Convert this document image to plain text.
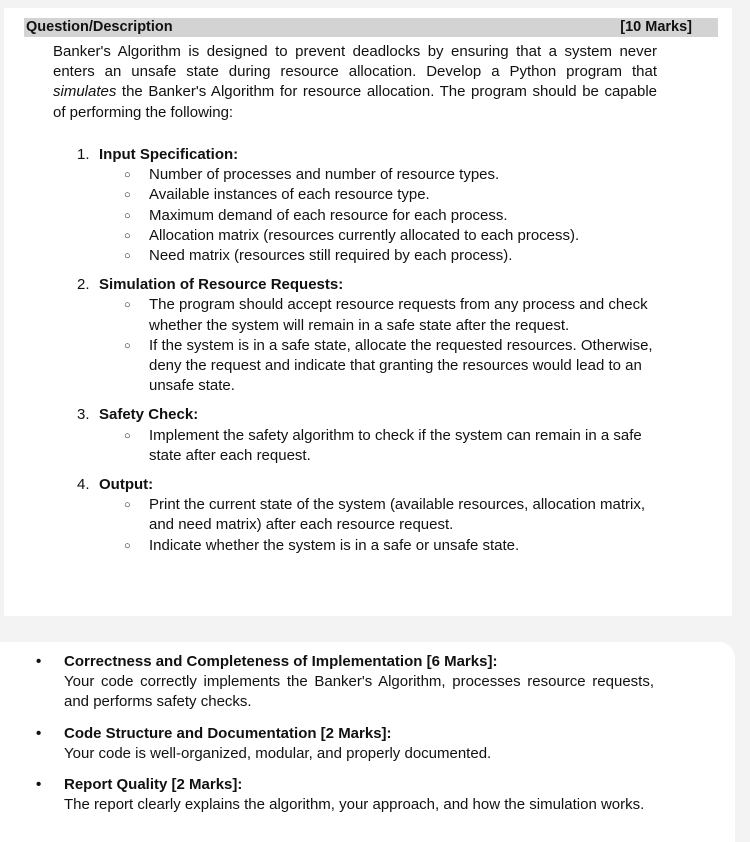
Question/Description	[10 Marks]
Banker's Algorithm is designed to prevent deadlocks by ensuring that a system never enters an unsafe state during resource allocation. Develop a Python program that simulates the Banker's Algorithm for resource allocation. The program should be capable of performing the following:
1. Input Specification:
○ Number of processes and number of resource types.
○ Available instances of each resource type.
○ Maximum demand of each resource for each process.
○ Allocation matrix (resources currently allocated to each process).
○ Need matrix (resources still required by each process).
2. Simulation of Resource Requests:
○ The program should accept resource requests from any process and check whether the system will remain in a safe state after the request.
○ If the system is in a safe state, allocate the requested resources. Otherwise, deny the request and indicate that granting the resources would lead to an unsafe state.
3. Safety Check:
○ Implement the safety algorithm to check if the system can remain in a safe state after each request.
4. Output:
○ Print the current state of the system (available resources, allocation matrix, and need matrix) after each resource request.
○ Indicate whether the system is in a safe or unsafe state.
• Correctness and Completeness of Implementation [6 Marks]:
Your code correctly implements the Banker's Algorithm, processes resource requests, and performs safety checks.
• Code Structure and Documentation [2 Marks]:
Your code is well-organized, modular, and properly documented.
• Report Quality [2 Marks]:
The report clearly explains the algorithm, your approach, and how the simulation works.
